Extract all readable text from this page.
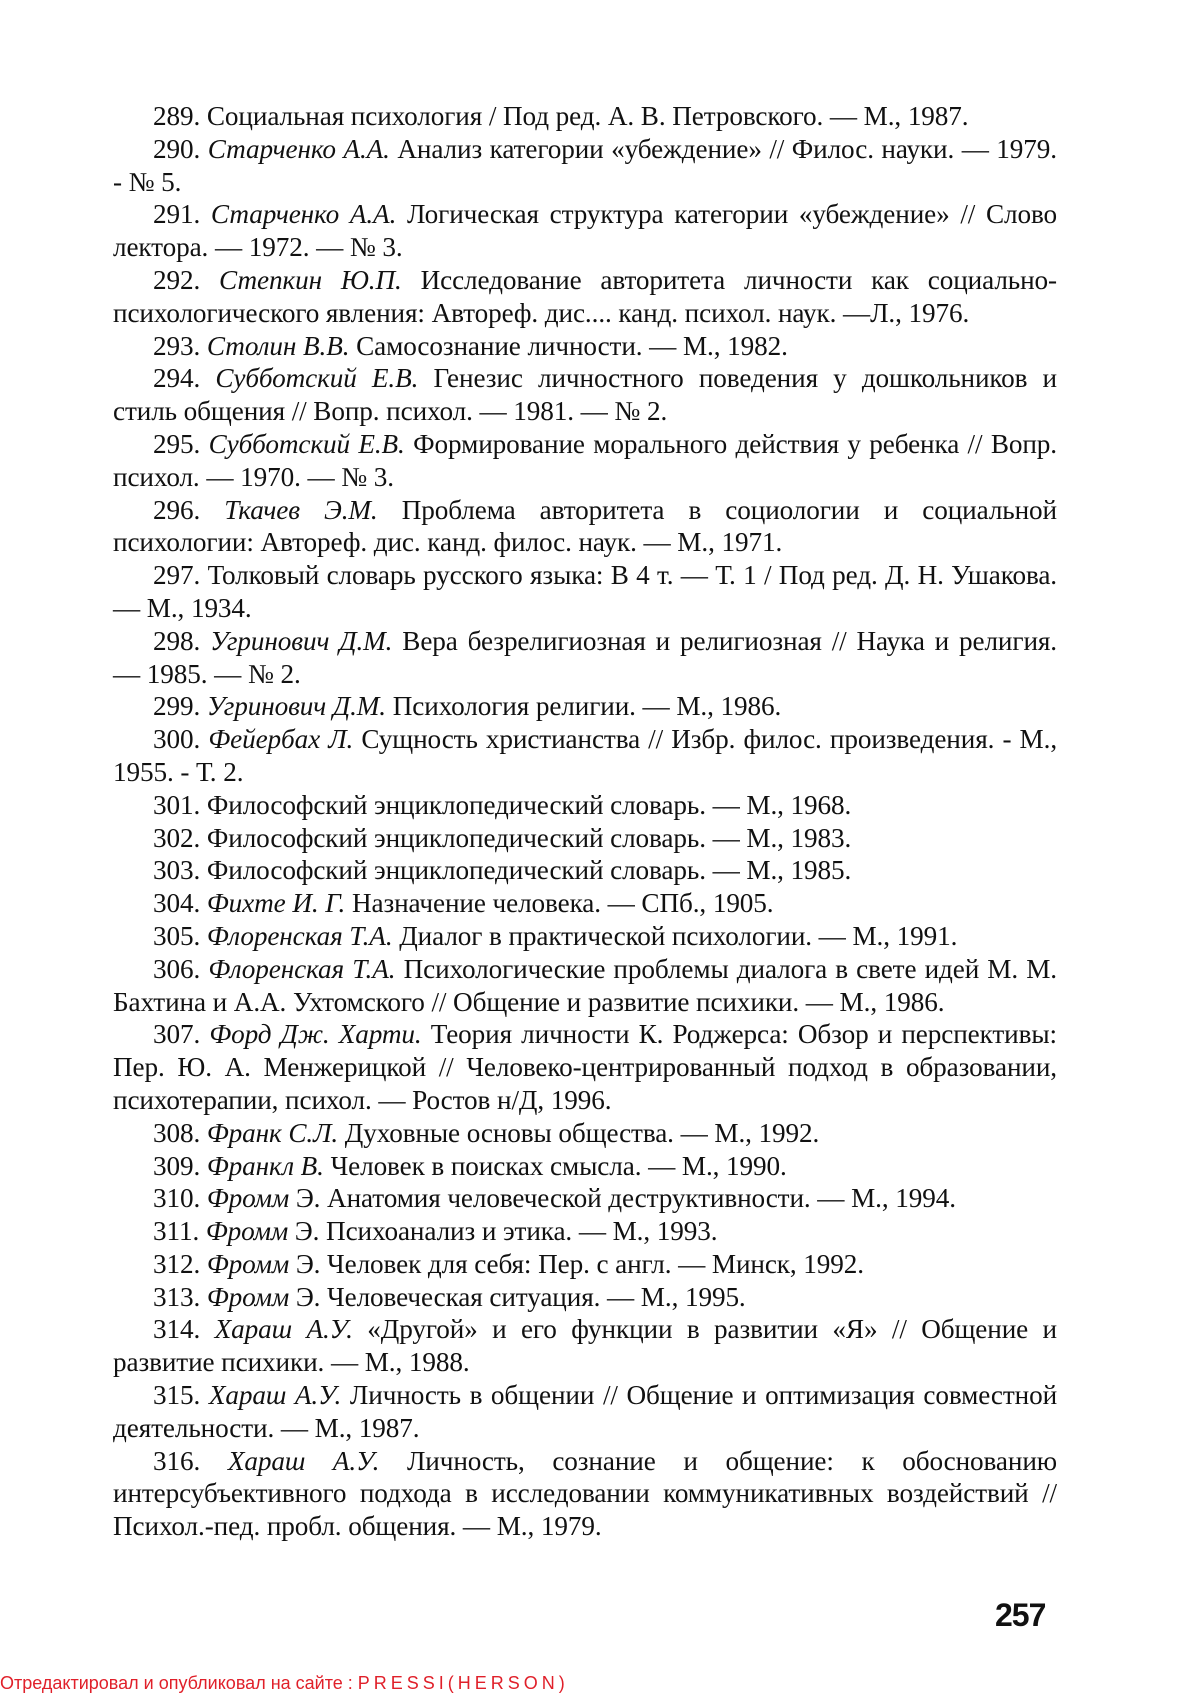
289. Социальная психология / Под ред. А. В. Петровского. — М., 1987.

290. Старченко А.А. Анализ категории «убеждение» // Филос. науки. — 1979. - № 5.

291. Старченко А.А. Логическая структура категории «убеждение» // Слово лектора. — 1972. — № 3.

292. Степкин Ю.П. Исследование авторитета личности как социально-психологического явления: Автореф. дис.... канд. психол. наук. —Л., 1976.

293. Столин В.В. Самосознание личности. — М., 1982.

294. Субботский Е.В. Генезис личностного поведения у дошкольников и стиль общения // Вопр. психол. — 1981. — № 2.

295. Субботский Е.В. Формирование морального действия у ребенка // Вопр. психол. — 1970. — № 3.

296. Ткачев Э.М. Проблема авторитета в социологии и социальной психологии: Автореф. дис. канд. филос. наук. — М., 1971.

297. Толковый словарь русского языка: В 4 т. — Т. 1 / Под ред. Д. Н. Ушакова. — М., 1934.

298. Угринович Д.М. Вера безрелигиозная и религиозная // Наука и религия. — 1985. — № 2.

299. Угринович Д.М. Психология религии. — М., 1986.

300. Фейербах Л. Сущность христианства // Избр. филос. произведения. - М., 1955. - Т. 2.

301. Философский энциклопедический словарь. — М., 1968.

302. Философский энциклопедический словарь. — М., 1983.

303. Философский энциклопедический словарь. — М., 1985.

304. Фихте И. Г. Назначение человека. — СПб., 1905.

305. Флоренская Т.А. Диалог в практической психологии. — М., 1991.

306. Флоренская Т.А. Психологические проблемы диалога в свете идей М. М. Бахтина и А.А. Ухтомского // Общение и развитие психики. — М., 1986.

307. Форд Дж. Харти. Теория личности К. Роджерса: Обзор и перспективы: Пер. Ю. А. Менжерицкой // Человеко-центрированный подход в образовании, психотерапии, психол. — Ростов н/Д, 1996.

308. Франк С.Л. Духовные основы общества. — М., 1992.

309. Франкл В. Человек в поисках смысла. — М., 1990.

310. Фромм Э. Анатомия человеческой деструктивности. — М., 1994.

311. Фромм Э. Психоанализ и этика. — М., 1993.

312. Фромм Э. Человек для себя: Пер. с англ. — Минск, 1992.

313. Фромм Э. Человеческая ситуация. — М., 1995.

314. Хараш А.У. «Другой» и его функции в развитии «Я» // Общение и развитие психики. — М., 1988.

315. Хараш А.У. Личность в общении // Общение и оптимизация совместной деятельности. — М., 1987.

316. Хараш А.У. Личность, сознание и общение: к обоснованию интерсубъективного подхода в исследовании коммуникативных воздействий // Психол.-пед. пробл. общения. — М., 1979.

257
Отредактировал и опубликовал на сайте : PRESSI(HERSON)
